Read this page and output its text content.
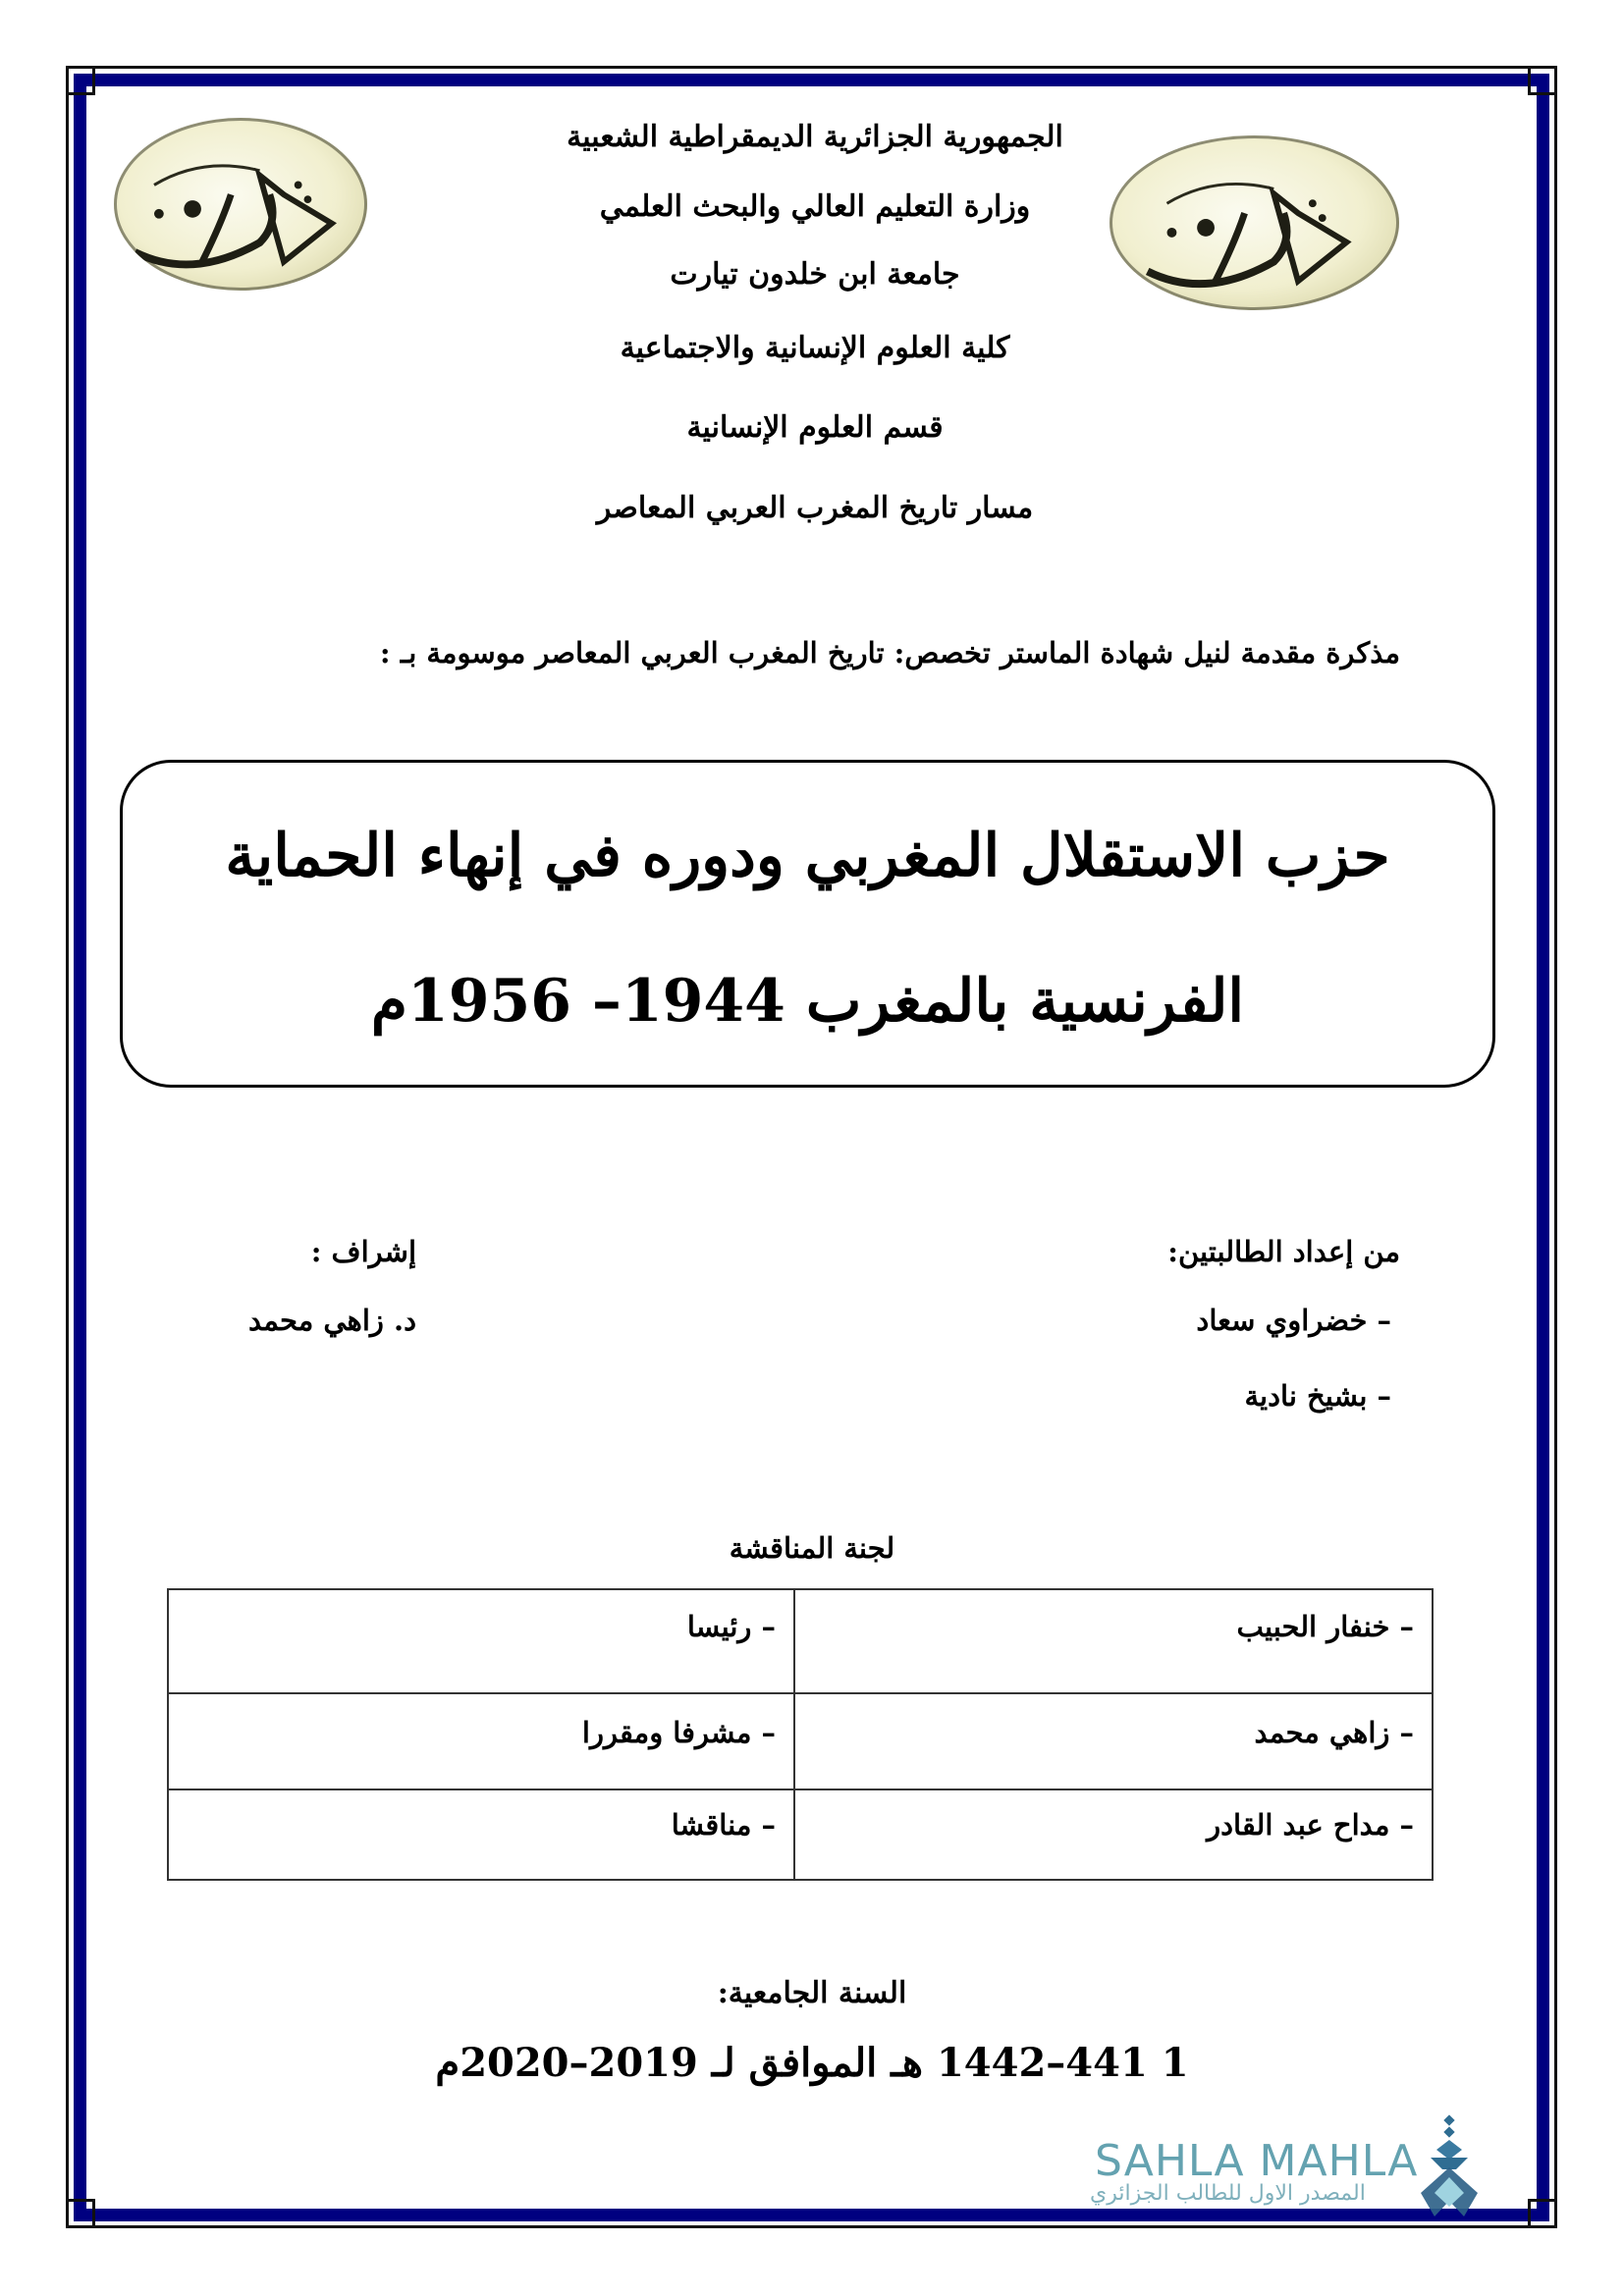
الجمهورية الجزائرية الديمقراطية الشعبية
وزارة التعليم العالي والبحث العلمي
جامعة ابن خلدون تيارت
كلية العلوم الإنسانية والاجتماعية
قسم العلوم الإنسانية
مسار تاريخ المغرب العربي المعاصر
مذكرة مقدمة لنيل شهادة الماستر تخصص: تاريخ المغرب العربي المعاصر موسومة بـ :
حزب الاستقلال المغربي ودوره في إنهاء الحماية
الفرنسية بالمغرب 1944– 1956م
من إعداد الطالبتين:
– خضراوي سعاد
– بشيخ نادية
إشراف :
د. زاهي محمد
لجنة المناقشة
– خنفار الحبيب	– رئيسا
– زاهي محمد	– مشرفا ومقررا
– مداح عبد القادر	– مناقشا
السنة الجامعية:
1 441–1442 هـ الموافق لـ 2019–2020م
SAHLA MAHLA
المصدر الاول للطالب الجزائري
